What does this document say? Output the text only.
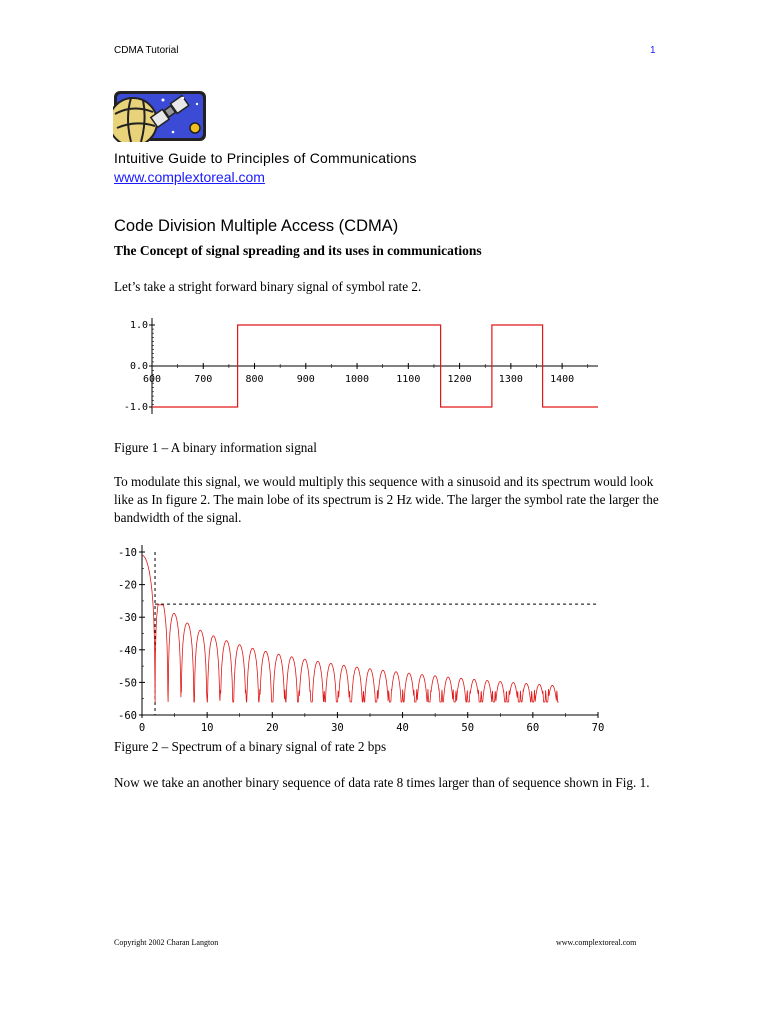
CDMA Tutorial	1
Intuitive Guide to Principles of Communications
www.complextoreal.com
Code Division Multiple Access (CDMA)
The Concept of signal spreading and its uses in communications
Let’s take a stright forward binary signal of symbol rate 2.
1.0
0.0
-1.0
600	700	800	900	1000	1100	1200	1300	1400
Figure 1 – A binary information signal
To modulate this signal, we would multiply this sequence with a sinusoid and its spectrum would look like as In figure 2. The main lobe of its spectrum is 2 Hz wide. The larger the symbol rate the larger the bandwidth of the signal.
-10
-20
-30
-40
-50
-60
0	10	20	30	40	50	60	70
Figure 2 – Spectrum of a binary signal of rate 2 bps
Now we take an another binary sequence of data rate 8 times larger than of sequence shown in Fig. 1.
Copyright 2002 Charan Langton	www.complextoreal.com
